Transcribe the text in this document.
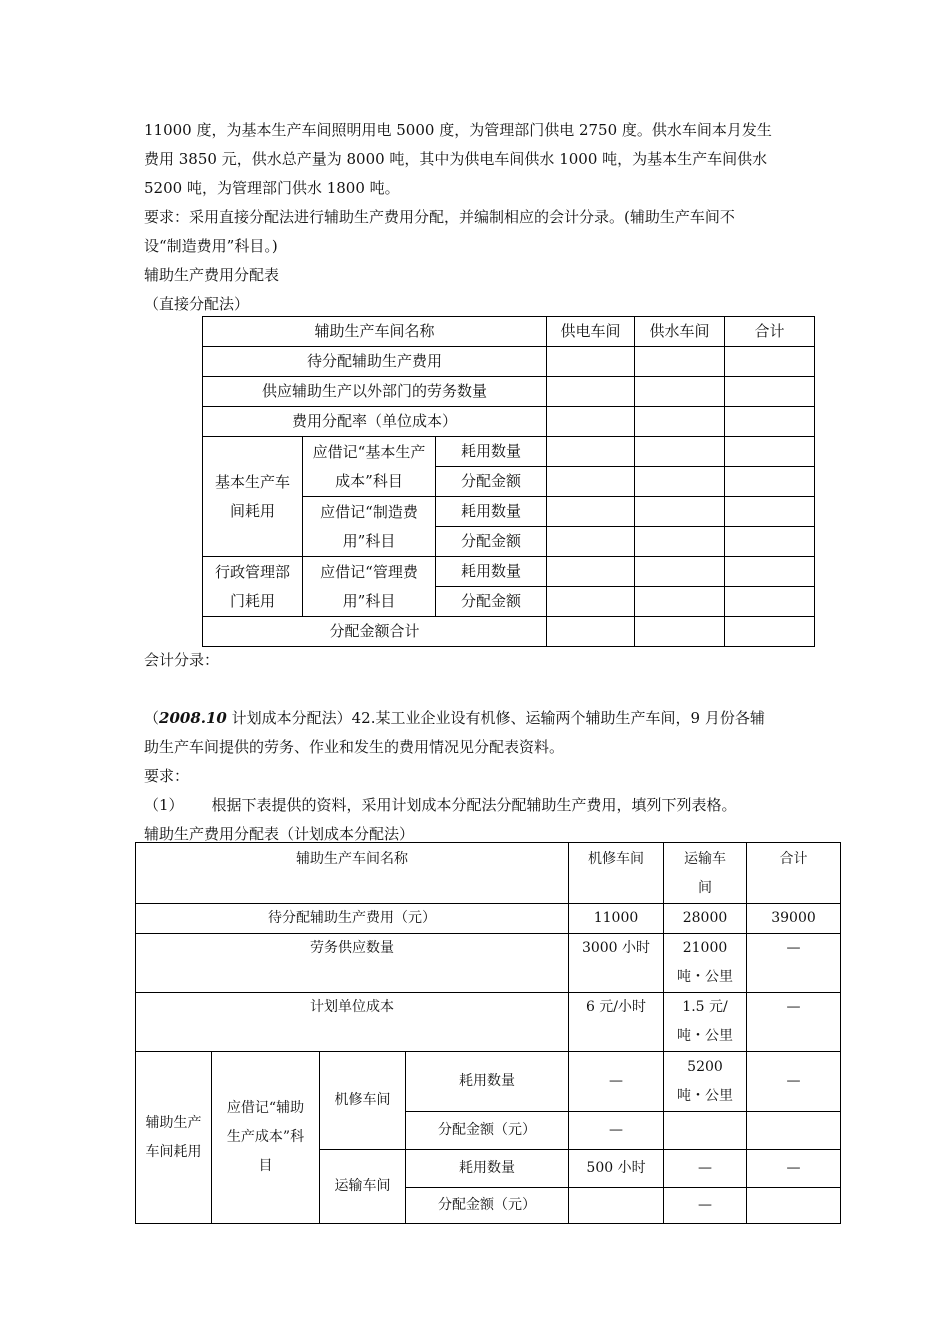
11000 度，为基本生产车间照明用电 5000 度，为管理部门供电 2750 度。供水车间本月发生
费用 3850 元，供水总产量为 8000 吨，其中为供电车间供水 1000 吨，为基本生产车间供水
5200 吨，为管理部门供水 1800 吨。
要求：采用直接分配法进行辅助生产费用分配，并编制相应的会计分录。(辅助生产车间不
设“制造费用”科目。)
辅助生产费用分配表
（直接分配法）
辅助生产车间名称			供电车间	供水车间	合计
待分配辅助生产费用					
供应辅助生产以外部门的劳务数量					
费用分配率（单位成本）					
基本生产车间耗用	应借记“基本生产成本”科目	耗用数量			
		分配金额			
	应借记“制造费用”科目	耗用数量			
		分配金额			
行政管理部门耗用	应借记“管理费用”科目	耗用数量			
		分配金额			
分配金额合计					
会计分录：
（2008.10 计划成本分配法）42.某工业企业设有机修、运输两个辅助生产车间，9 月份各辅
助生产车间提供的劳务、作业和发生的费用情况见分配表资料。
要求：
（1） 根据下表提供的资料，采用计划成本分配法分配辅助生产费用，填列下列表格。
辅助生产费用分配表（计划成本分配法）
辅助生产车间名称				机修车间	运输车间	合计
待分配辅助生产费用（元）				11000	28000	39000
劳务供应数量				3000 小时	21000 吨・公里	—
计划单位成本				6 元/小时	1.5 元/ 吨・公里	—
辅助生产车间耗用	应借记“辅助生产成本”科目	机修车间	耗用数量	—	5200 吨・公里	—
			分配金额（元）	—		
		运输车间	耗用数量	500 小时	—	—
			分配金额（元）		—	
